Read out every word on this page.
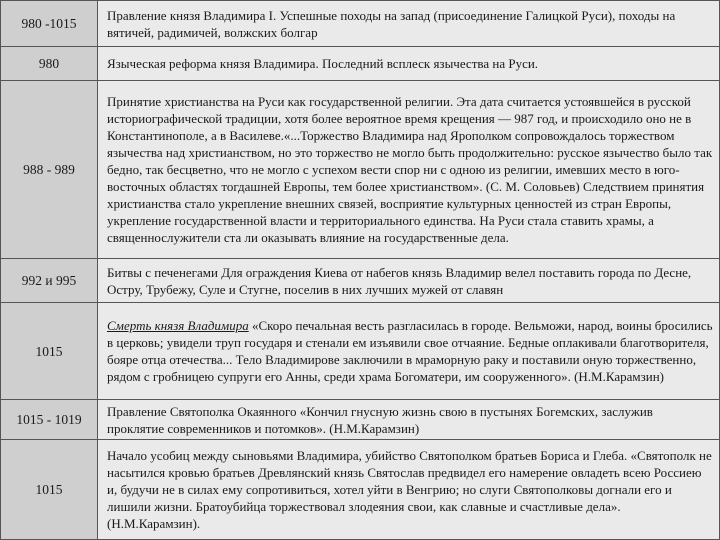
980 -1015	Правление князя Владимира I. Успешные походы на запад (присоединение Галицкой Руси), походы на вятичей, радимичей, волжских болгар
980	Языческая реформа князя Владимира. Последний всплеск язычества на Руси.
988 - 989	Принятие христианства на Руси как государственной религии. Эта дата считается устоявшейся в русской историографической традиции, хотя более вероятное время крещения — 987 год, и происходило оно не в Константинополе, а в Василеве.«...Торжество Владимира над Ярополком сопровождалось торжеством язычества над христианством, но это торжество не могло быть продолжительно: русское язычество было так бедно, так бесцветно, что не могло с успехом вести спор ни с одною из религии, имевших место в юго-восточных областях тогдашней Европы, тем более христианством». (С. М. Соловьев) Следствием принятия христианства стало укрепление внешних связей, восприятие культурных ценностей из стран Европы, укрепление государственной власти и территориального единства. На Руси стала ставить храмы, а священнослужители ста ли оказывать влияние на государственные дела.
992 и 995	Битвы с печенегами Для ограждения Киева от набегов князь Владимир велел поставить города по Десне, Остру, Трубежу, Суле и Стугне, поселив в них лучших мужей от славян
1015	Смерть князя Владимира «Скоро печальная весть разгласилась в городе. Вельможи, народ, воины бросились в церковь; увидели труп государя и стенали ем изъявили свое отчаяние. Бедные оплакивали благотворителя, бояре отца отечества... Тело Владимирове заключили в мраморную раку и поставили оную торжественно, рядом с гробницею супруги его Анны, среди храма Богоматери, им сооруженного». (Н.М.Карамзин)
1015 - 1019	Правление Святополка Окаянного «Кончил гнусную жизнь свою в пустынях Богемских, заслужив проклятие современников и потомков». (Н.М.Карамзин)
1015	Начало усобиц между сыновьями Владимира, убийство Святополком братьев Бориса и Глеба. «Святополк не насытился кровью братьев Древлянский князь Святослав предвидел его намерение овладеть всею Россиею и, будучи не в силах ему сопротивиться, хотел уйти в Венгрию; но слуги Святополковы догнали его и лишили жизни. Братоубийца торжествовал злодеяния свои, как славные и счастливые дела». (Н.М.Карамзин).
